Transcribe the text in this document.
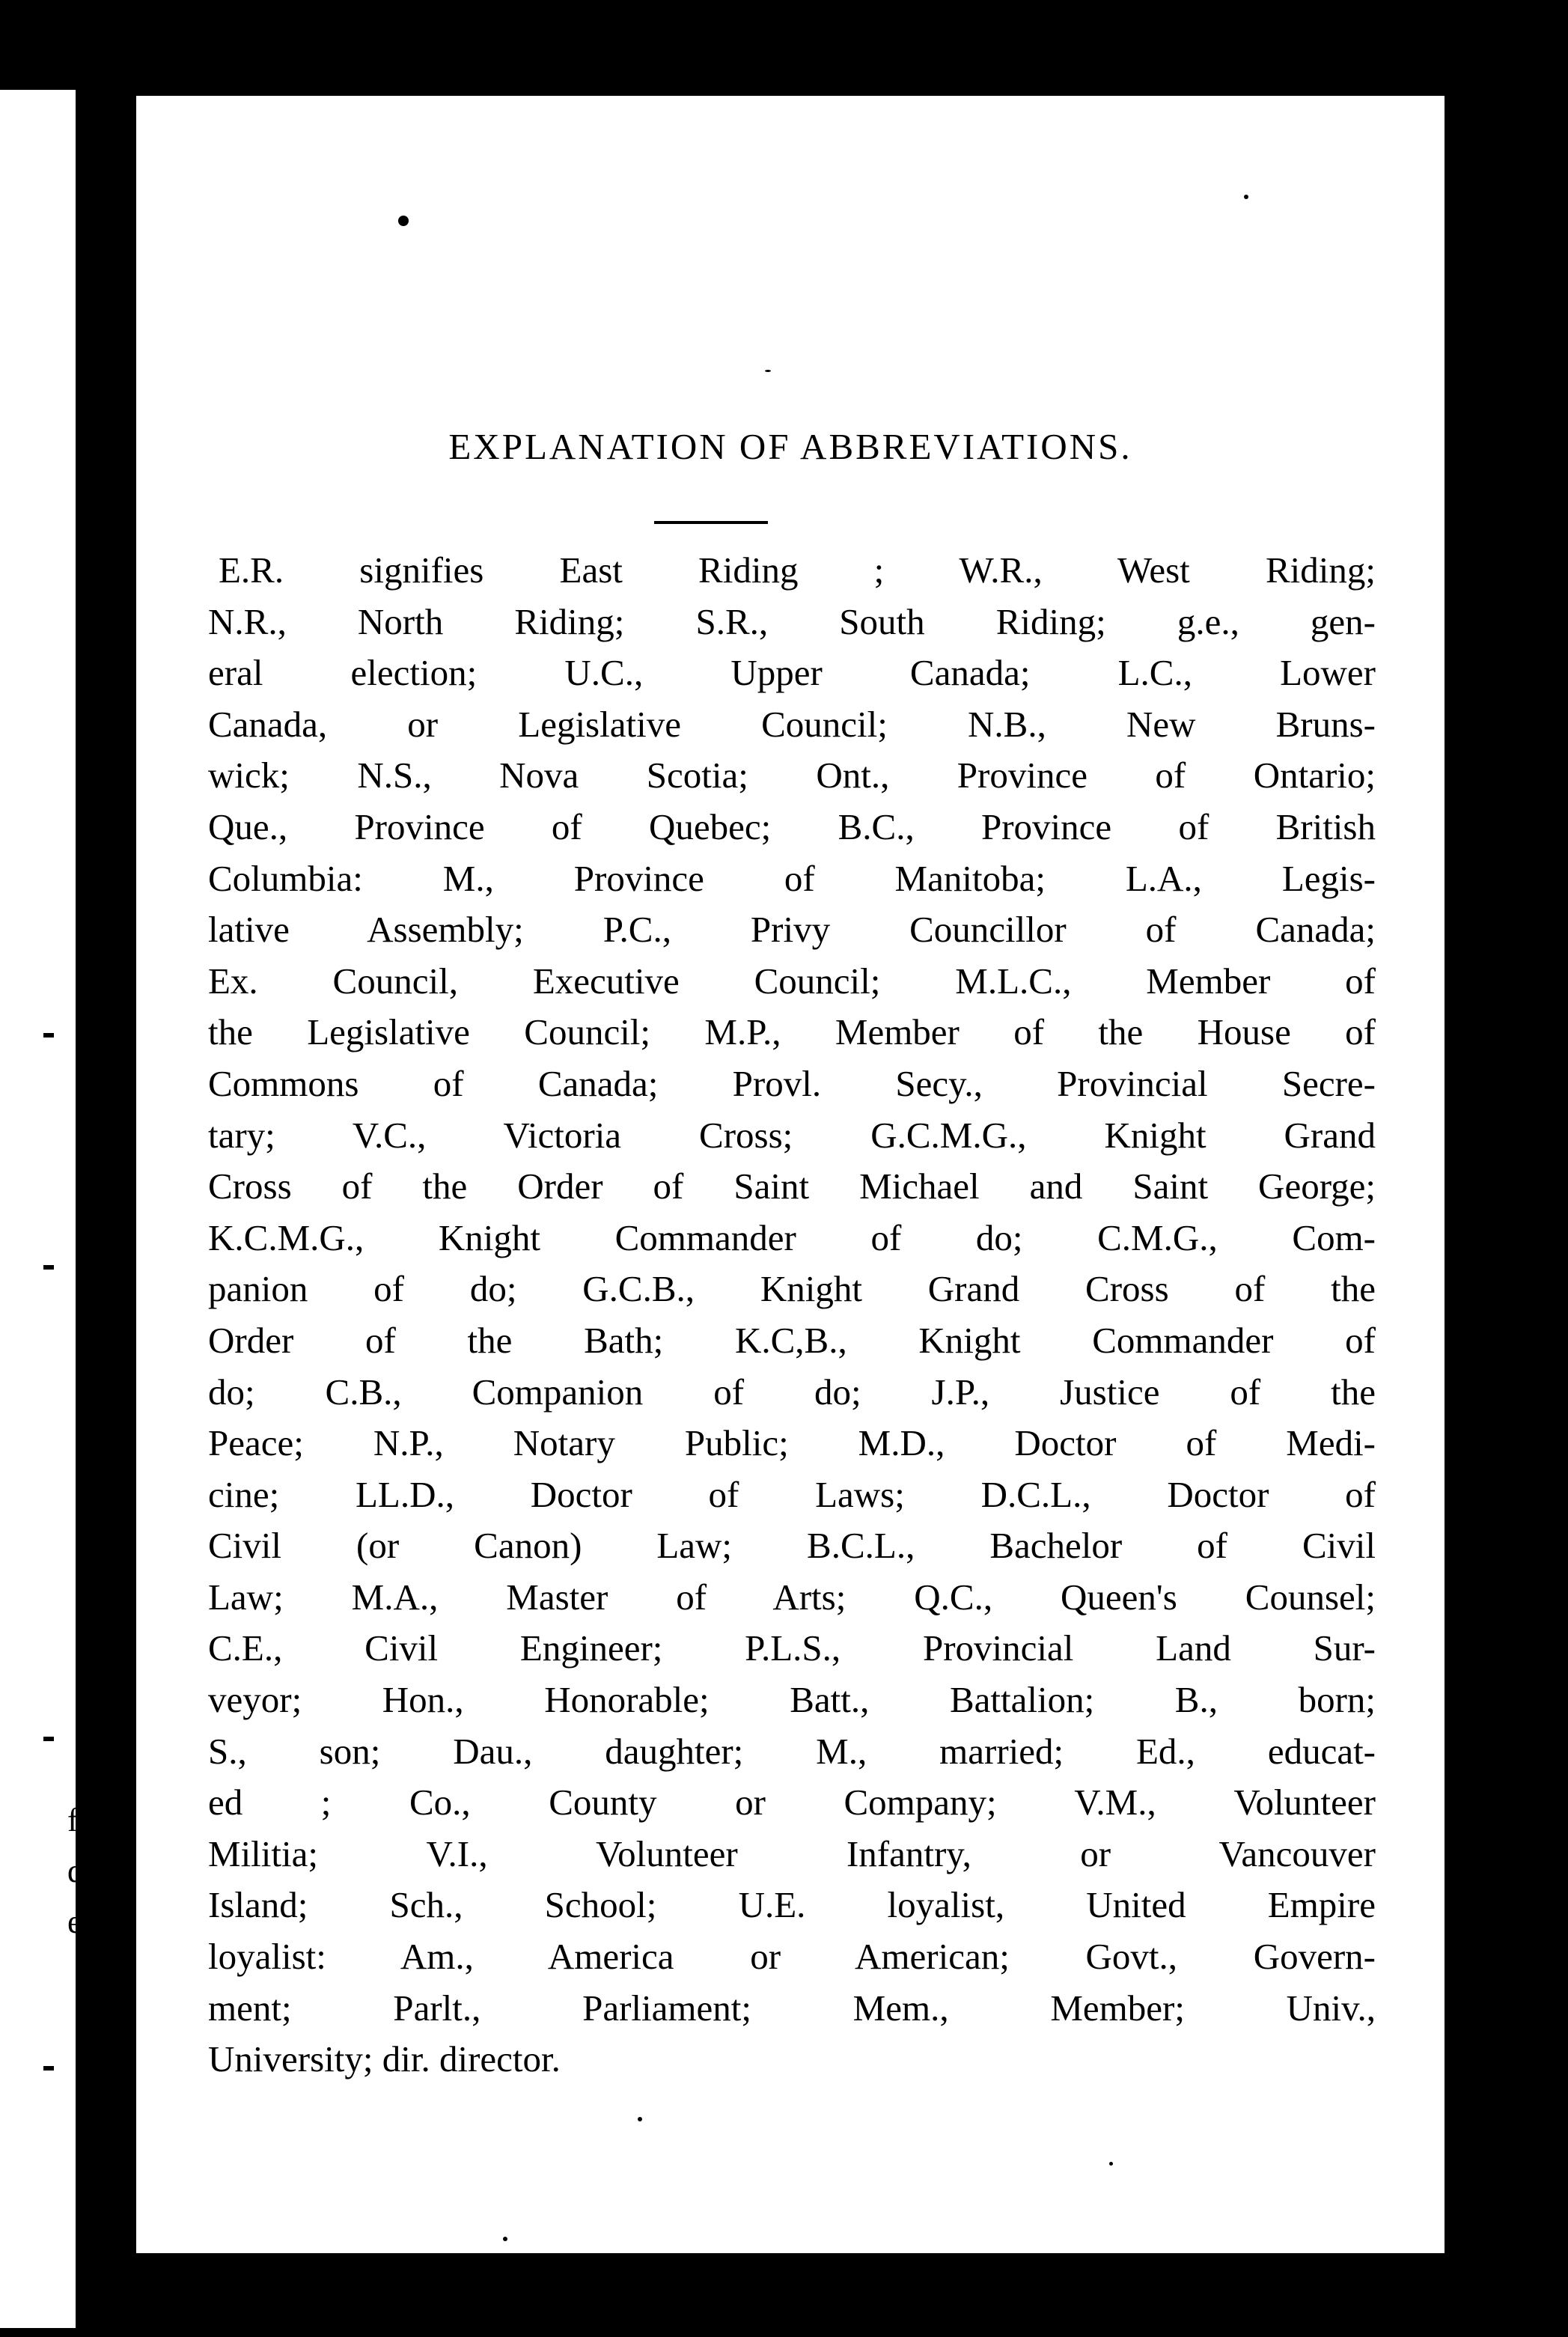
f
d
e
EXPLANATION OF ABBREVIATIONS.
E.R. signifies East Riding ; W.R., West Riding;
N.R., North Riding; S.R., South Riding; g.e., gen-
eral election; U.C., Upper Canada; L.C., Lower
Canada, or Legislative Council; N.B., New Bruns-
wick; N.S., Nova Scotia; Ont., Province of Ontario;
Que., Province of Quebec; B.C., Province of British
Columbia: M., Province of Manitoba; L.A., Legis-
lative Assembly; P.C., Privy Councillor of Canada;
Ex. Council, Executive Council; M.L.C., Member of
the Legislative Council; M.P., Member of the House of
Commons of Canada; Provl. Secy., Provincial Secre-
tary; V.C., Victoria Cross; G.C.M.G., Knight Grand
Cross of the Order of Saint Michael and Saint George;
K.C.M.G., Knight Commander of do; C.M.G., Com-
panion of do; G.C.B., Knight Grand Cross of the
Order of the Bath; K.C,B., Knight Commander of
do; C.B., Companion of do; J.P., Justice of the
Peace; N.P., Notary Public; M.D., Doctor of Medi-
cine; LL.D., Doctor of Laws; D.C.L., Doctor of
Civil (or Canon) Law; B.C.L., Bachelor of Civil
Law; M.A., Master of Arts; Q.C., Queen's Counsel;
C.E., Civil Engineer; P.L.S., Provincial Land Sur-
veyor; Hon., Honorable; Batt., Battalion; B., born;
S., son; Dau., daughter; M., married; Ed., educat-
ed ; Co., County or Company; V.M., Volunteer
Militia; V.I., Volunteer Infantry, or Vancouver
Island; Sch., School; U.E. loyalist, United Empire
loyalist: Am., America or American; Govt., Govern-
ment; Parlt., Parliament; Mem., Member; Univ.,
University; dir. director.
